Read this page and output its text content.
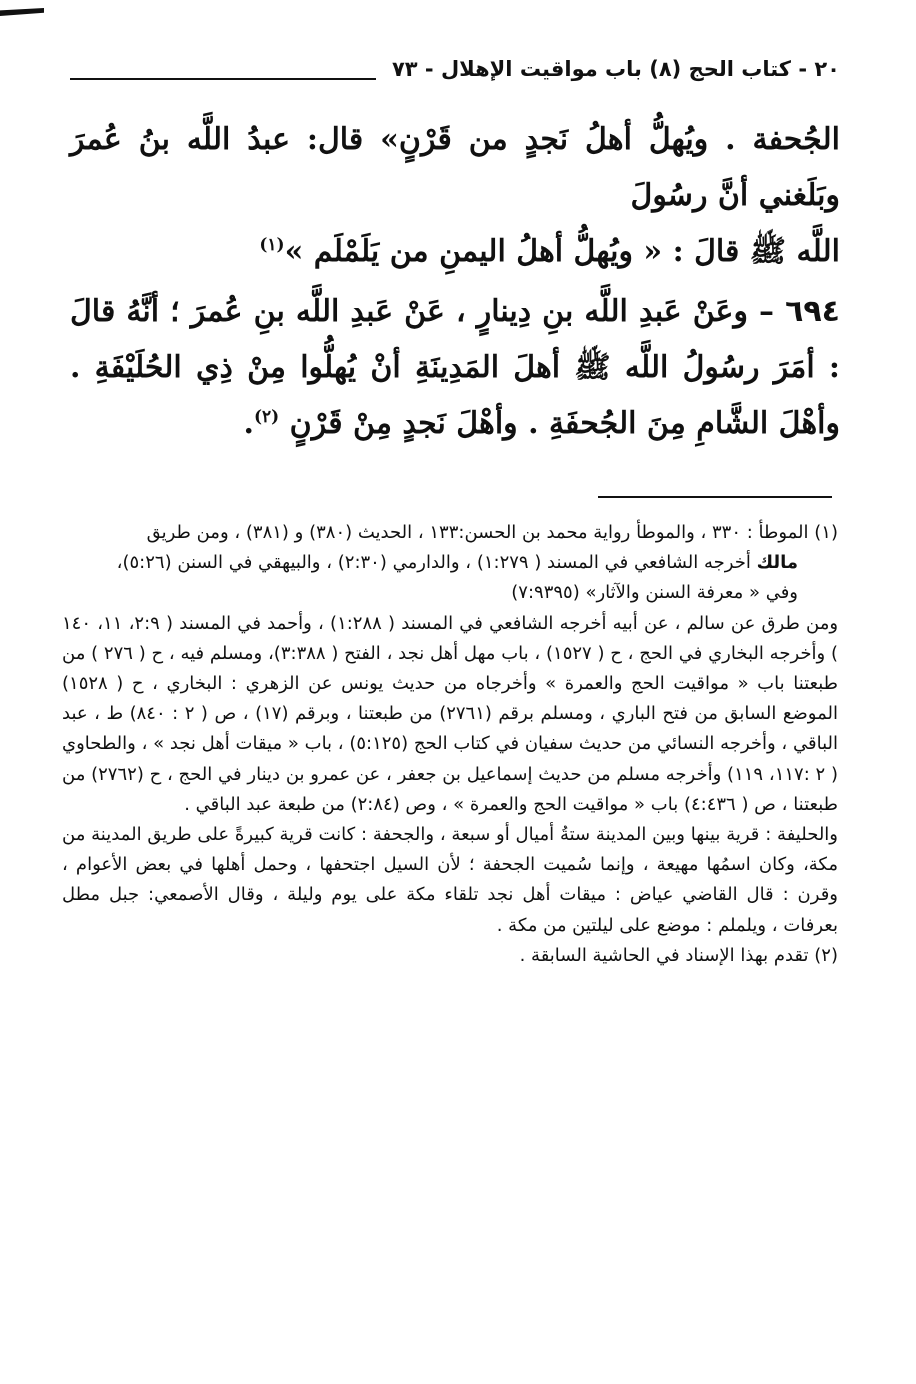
٢٠ - كتاب الحج (٨) باب مواقيت الإهلال - ٧٣

الجُحفة . ويُهلُّ أهلُ نَجدٍ من قَرْنٍ» قال: عبدُ اللَّه بنُ عُمرَ وبَلَغني أنَّ رسُولَ

اللَّه ﷺ قالَ : « ويُهلُّ أهلُ اليمنِ من يَلَمْلَم »$^{(١)}$

٦٩٤ – وعَنْ عَبدِ اللَّه بنِ دِينارٍ ، عَنْ عَبدِ اللَّه بنِ عُمرَ ؛ أنَّهُ قالَ : أمَرَ رسُولُ اللَّه ﷺ أهلَ المَدِينَةِ أنْ يُهلُّوا مِنْ ذِي الحُلَيْفَةِ . وأهْلَ الشَّامِ مِنَ الجُحفَةِ . وأهْلَ نَجدٍ مِنْ قَرْنٍ $^{(٢)}$.

(١) الموطأ : ٣٣٠ ، والموطأ رواية محمد بن الحسن:١٣٣ ، الحديث (٣٨٠) و (٣٨١) ، ومن طريق

مالك أخرجه الشافعي في المسند ( ١:٢٧٩) ، والدارمي (٢:٣٠) ، والبيهقي في السنن (٥:٢٦)،

وفي « معرفة السنن والآثار» (٧:٩٣٩٥)

ومن طرق عن سالم ، عن أبيه أخرجه الشافعي في المسند ( ١:٢٨٨) ، وأحمد في المسند ( ٢:٩، ١١، ١٤٠ ) وأخرجه البخاري في الحج ، ح ( ١٥٢٧) ، باب مهل أهل نجد ، الفتح ( ٣:٣٨٨)، ومسلم فيه ، ح ( ٢٧٦ ) من طبعتنا باب « مواقيت الحج والعمرة » وأخرجاه من حديث يونس عن الزهري : البخاري ، ح ( ١٥٢٨) الموضع السابق من فتح الباري ، ومسلم برقم (٢٧٦١) من طبعتنا ، وبرقم (١٧) ، ص ( ٢ : ٨٤٠) ط ، عبد الباقي ، وأخرجه النسائي من حديث سفيان في كتاب الحج (٥:١٢٥) ، باب « ميقات أهل نجد » ، والطحاوي ( ٢ :١١٧، ١١٩) وأخرجه مسلم من حديث إسماعيل بن جعفر ، عن عمرو بن دينار في الحج ، ح (٢٧٦٢) من طبعتنا ، ص ( ٤:٤٣٦) باب « مواقيت الحج والعمرة » ، وص (٢:٨٤) من طبعة عبد الباقي .

والحليفة : قرية بينها وبين المدينة ستةُ أميال أو سبعة ، والجحفة : كانت قرية كبيرةً على طريق المدينة من مكة، وكان اسمُها مهيعة ، وإنما سُميت الجحفة ؛ لأن السيل اجتحفها ، وحمل أهلها في بعض الأعوام ، وقرن : قال القاضي عياض : ميقات أهل نجد تلقاء مكة على يوم وليلة ، وقال الأصمعي: جبل مطل بعرفات ، ويلملم : موضع على ليلتين من مكة .

(٢) تقدم بهذا الإسناد في الحاشية السابقة .
